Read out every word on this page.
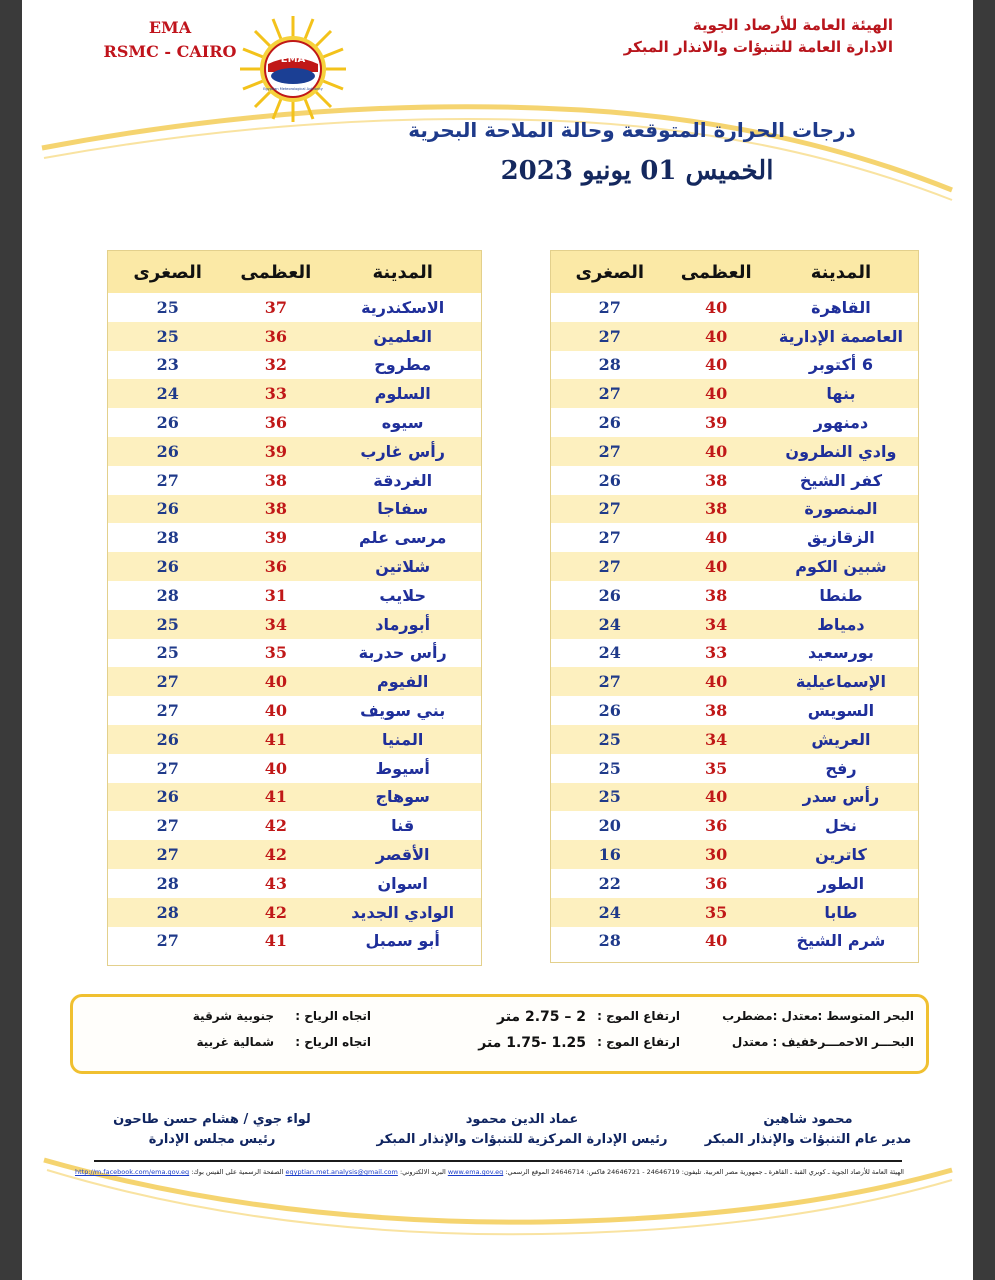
EMA
RSMC - CAIRO	EMA
Egyptian Meteorological Authority
الهيئة العامة للأرصاد الجوية
الادارة العامة للتنبؤات والانذار المبكر
درجات الحرارة المتوقعة وحالة الملاحة البحرية
الخميس 01 يونيو 2023
المدينة
العظمى
الصغرى
القاهرة
40
27
العاصمة الإدارية
40
27
6 أكتوبر
40
28
بنها
40
27
دمنهور
39
26
وادي النطرون
40
27
كفر الشيخ
38
26
المنصورة
38
27
الزقازيق
40
27
شبين الكوم
40
27
طنطا
38
26
دمياط
34
24
بورسعيد
33
24
الإسماعيلية
40
27
السويس
38
26
العريش
34
25
رفح
35
25
رأس سدر
40
25
نخل
36
20
كاترين
30
16
الطور
36
22
طابا
35
24
شرم الشيخ
40
28
المدينة
العظمى
الصغرى
الاسكندرية
37
25
العلمين
36
25
مطروح
32
23
السلوم
33
24
سيوه
36
26
رأس غارب
39
26
الغردقة
38
27
سفاجا
38
26
مرسى علم
39
28
شلاتين
36
26
حلايب
31
28
أبورماد
34
25
رأس حدربة
35
25
الفيوم
40
27
بني سويف
40
27
المنيا
41
26
أسيوط
40
27
سوهاج
41
26
قنا
42
27
الأقصر
42
27
اسوان
43
28
الوادي الجديد
42
28
أبو سمبل
41
27
البحر المتوسط :
معتدل :مضطرب
ارتفاع الموج :
2 – 2.75 متر
اتجاه الرياح :
جنوبية شرقية
البحـــر الاحمـــر :
خفيف : معتدل
ارتفاع الموج :
1.25 -1.75 متر
اتجاه الرياح :
شمالية غربية
محمود شاهين
مدير عام التنبؤات والإنذار المبكر
عماد الدين محمود
رئيس الإدارة المركزية للتنبؤات والإنذار المبكر
لواء جوي / هشام حسن طاحون
رئيس مجلس الإدارة
الهيئة العامة للأرصاد الجوية ـ كوبري القبة ـ القاهرة ـ جمهورية مصر العربية. تليفون: 24646719 - 24646721 فاكس: 24646714 الموقع الرسمي: www.ema.gov.eg البريد الالكتروني: egyptian.met.analysis@gmail.com الصفحة الرسمية على الفيس بوك: http://m.facebook.com/ema.gov.eg
